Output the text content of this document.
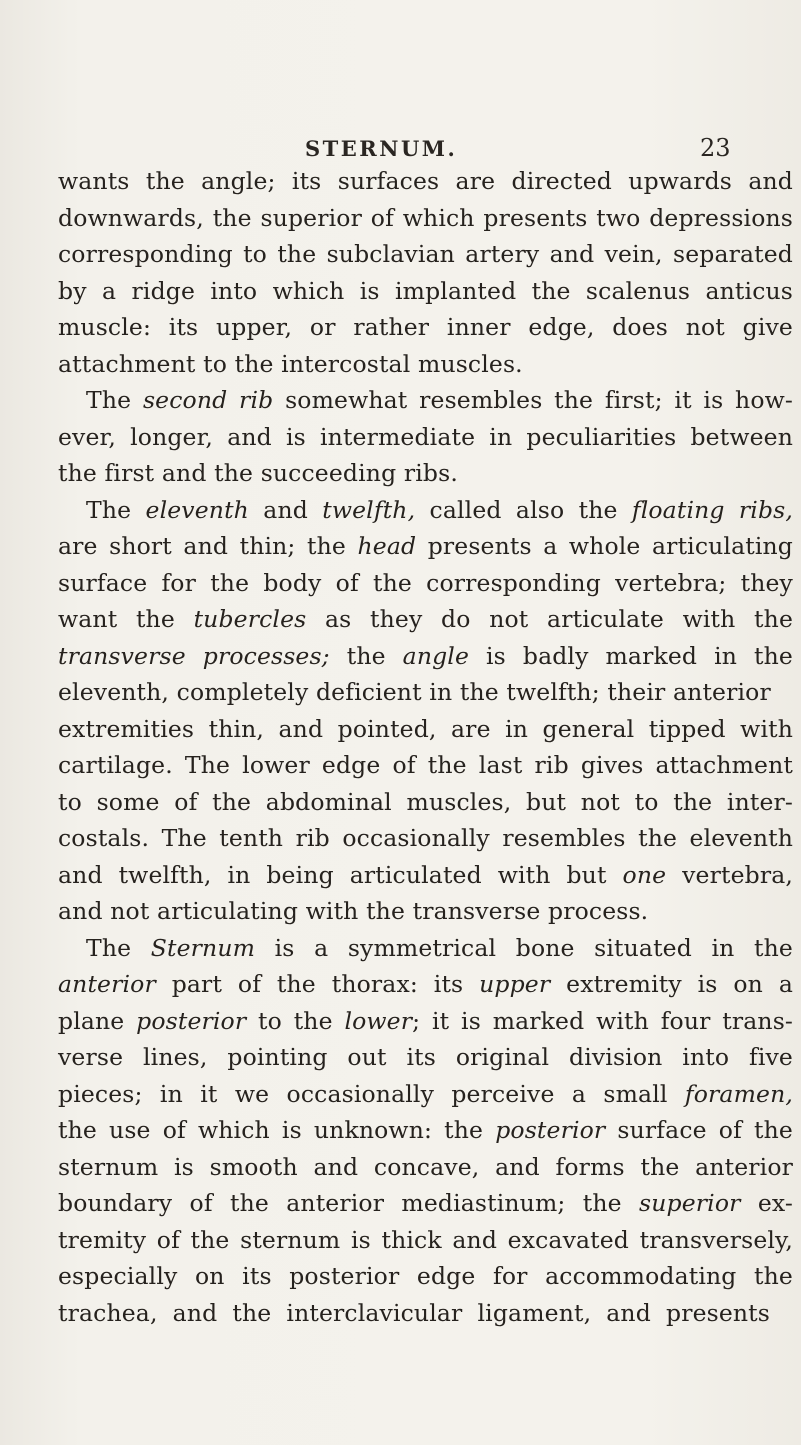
STERNUM.	23
wants the angle; its surfaces are directed upwards and
downwards, the superior of which presents two depressions
corresponding to the subclavian artery and vein, separated
by a ridge into which is implanted the scalenus anticus
muscle: its upper, or rather inner edge, does not give
attachment to the intercostal muscles.
The second rib somewhat resembles the first; it is how-
ever, longer, and is intermediate in peculiarities between
the first and the succeeding ribs.
The eleventh and twelfth, called also the floating ribs,
are short and thin; the head presents a whole articulating
surface for the body of the corresponding vertebra; they
want the tubercles as they do not articulate with the
transverse processes; the angle is badly marked in the
eleventh, completely deficient in the twelfth; their anterior
extremities thin, and pointed, are in general tipped with
cartilage. The lower edge of the last rib gives attachment
to some of the abdominal muscles, but not to the inter-
costals. The tenth rib occasionally resembles the eleventh
and twelfth, in being articulated with but one vertebra,
and not articulating with the transverse process.
The Sternum is a symmetrical bone situated in the
anterior part of the thorax: its upper extremity is on a
plane posterior to the lower; it is marked with four trans-
verse lines, pointing out its original division into five
pieces; in it we occasionally perceive a small foramen,
the use of which is unknown: the posterior surface of the
sternum is smooth and concave, and forms the anterior
boundary of the anterior mediastinum; the superior ex-
tremity of the sternum is thick and excavated transversely,
especially on its posterior edge for accommodating the
trachea, and the interclavicular ligament, and presents
